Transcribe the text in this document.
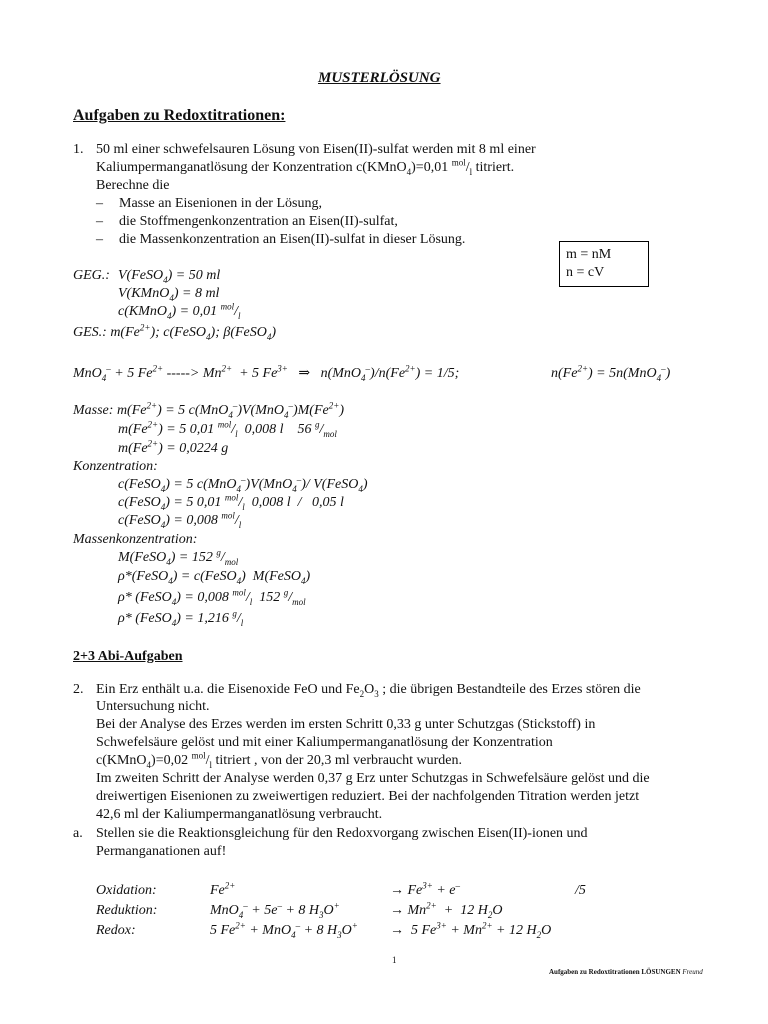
MUSTERLÖSUNG
Aufgaben zu Redoxtitrationen:
1. 50 ml einer schwefelsauren Lösung von Eisen(II)-sulfat werden mit 8 ml einer
Kaliumpermanganatlösung der Konzentration c(KMnO$_4$)=0,01 $^{mol}/_l$ titriert.
Berechne die
– Masse an Eisenionen in der Lösung,
– die Stoffmengenkonzentration an Eisen(II)-sulfat,
– die Massenkonzentration an Eisen(II)-sulfat in dieser Lösung.
m = nM
n = cV
GEG.: V(FeSO$_4$) = 50 ml
V(KMnO$_4$) = 8 ml
c(KMnO$_4$) = 0,01 $^{mol}/_l$
GES.: $m(Fe^{2+})$; c(FeSO$_4$); β(FeSO$_4$)
MnO$_4$– + 5 $Fe^{2+}$ -----> $Mn^{2+} + 5$ $Fe^{3+}$ ⇒ $n(MnO_4^-)/n(Fe^{2+}) = 1/5$;	$n(Fe^{2+}) = 5n(MnO_4^-)$
Masse: $m(Fe^{2+}) = 5$ $c(MnO_4^-)V(MnO_4^-)M(Fe^{2+})$
$m(Fe^{2+}) = 5$ 0,01 $^{mol}/_l$  0,008 l    56 $^g/_{mol}$
$m(Fe^{2+}) = 0,0224$ g
Konzentration:
c(FeSO$_4$) = 5 c(MnO$_4$–)V(MnO$_4$–)/ V(FeSO$_4$)
c(FeSO$_4$) = 5 0,01 $^{mol}/_l$  0,008 l  /   0,05 l
c(FeSO$_4$) = 0,008 $^{mol}/_l$
Massenkonzentration:
M(FeSO$_4$) = 152 $^g/_{mol}$
ρ*(FeSO$_4$) = c(FeSO$_4$)  M(FeSO$_4$)
ρ* (FeSO$_4$) = 0,008 $^{mol}/_l$  152 $^g/_{mol}$
ρ* (FeSO$_4$) = 1,216 $^g/_l$
2+3 Abi-Aufgaben
2. Ein Erz enthält u.a. die Eisenoxide FeO und $Fe_2O_3$ ; die übrigen Bestandteile des Erzes stören die
Untersuchung nicht.
Bei der Analyse des Erzes werden im ersten Schritt 0,33 g unter Schutzgas (Stickstoff) in
Schwefelsäure gelöst und mit einer Kaliumpermanganatlösung der Konzentration
c(KMnO$_4$)=0,02 $^{mol}/_l$ titriert , von der 20,3 ml verbraucht wurden.
Im zweiten Schritt der Analyse werden 0,37 g Erz unter Schutzgas in Schwefelsäure gelöst und die
dreiwertigen Eisenionen zu zweiwertigen reduziert. Bei der nachfolgenden Titration werden jetzt
42,6 ml der Kaliumpermanganatlösung verbraucht.
a. Stellen sie die Reaktionsgleichung für den Redoxvorgang zwischen Eisen(II)-ionen und
Permanganationen auf!
Oxidation:	$Fe^{2+}$	→ $Fe^{3+} + e^-$	/5
Reduktion:	MnO$_4$– + 5e– + 8 $H_3O^+$	→ $Mn^{2+} + 12$ $H_2O$
Redox:	5 $Fe^{2+} + MnO_4^- + 8$ $H_3O^+ \to 5$ $Fe^{3+} + Mn^{2+} + 12$ $H_2O$
1
Aufgaben zu Redoxtitrationen LÖSUNGEN Freund
